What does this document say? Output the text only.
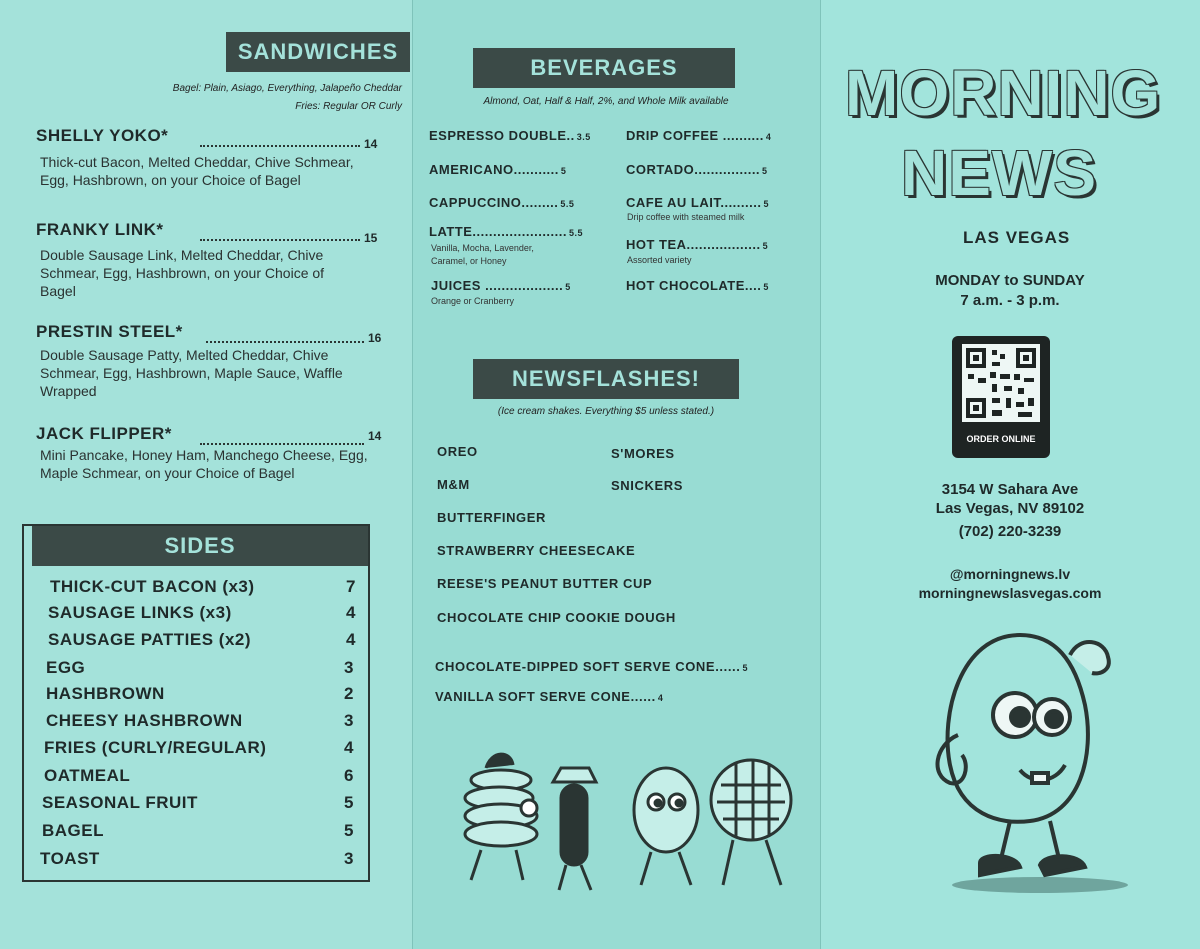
SANDWICHES
Bagel: Plain, Asiago, Everything, Jalapeño Cheddar
Fries: Regular OR Curly
SHELLY YOKO*	14
Thick-cut Bacon, Melted Cheddar, Chive Schmear, Egg, Hashbrown, on your Choice of Bagel
FRANKY LINK*	15
Double Sausage Link, Melted Cheddar, Chive Schmear, Egg, Hashbrown, on your Choice of Bagel
PRESTIN STEEL*	16
Double Sausage Patty, Melted Cheddar, Chive Schmear, Egg, Hashbrown, Maple Sauce, Waffle Wrapped
JACK FLIPPER*	14
Mini Pancake, Honey Ham, Manchego Cheese, Egg, Maple Schmear, on your Choice of Bagel
SIDES
THICK-CUT BACON (x3)	7
SAUSAGE LINKS (x3)	4
SAUSAGE PATTIES (x2)	4
EGG	3
HASHBROWN	2
CHEESY HASHBROWN	3
FRIES (CURLY/REGULAR)	4
OATMEAL	6
SEASONAL FRUIT	5
BAGEL	5
TOAST	3
BEVERAGES
Almond, Oat, Half & Half, 2%, and Whole Milk available
ESPRESSO DOUBLE.. 3.5
AMERICANO........... 5
CAPPUCCINO......... 5.5
LATTE....................... 5.5
Vanilla, Mocha, Lavender,
Caramel, or Honey
JUICES ................... 5
Orange or Cranberry
DRIP COFFEE .......... 4
CORTADO................ 5
CAFE AU LAIT.......... 5
Drip coffee with steamed milk
HOT TEA.................. 5
Assorted variety
HOT CHOCOLATE.... 5
NEWSFLASHES!
(Ice cream shakes. Everything $5 unless stated.)
OREO
M&M
BUTTERFINGER
STRAWBERRY CHEESECAKE
REESE'S PEANUT BUTTER CUP
CHOCOLATE CHIP COOKIE DOUGH
S'MORES
SNICKERS
CHOCOLATE-DIPPED SOFT SERVE CONE...... 5
VANILLA SOFT SERVE CONE...... 4
MORNING
NEWS
LAS VEGAS
MONDAY to SUNDAY
7 a.m. - 3 p.m.
ORDER ONLINE
3154 W Sahara Ave
Las Vegas, NV 89102
(702) 220-3239
@morningnews.lv
morningnewslasvegas.com
